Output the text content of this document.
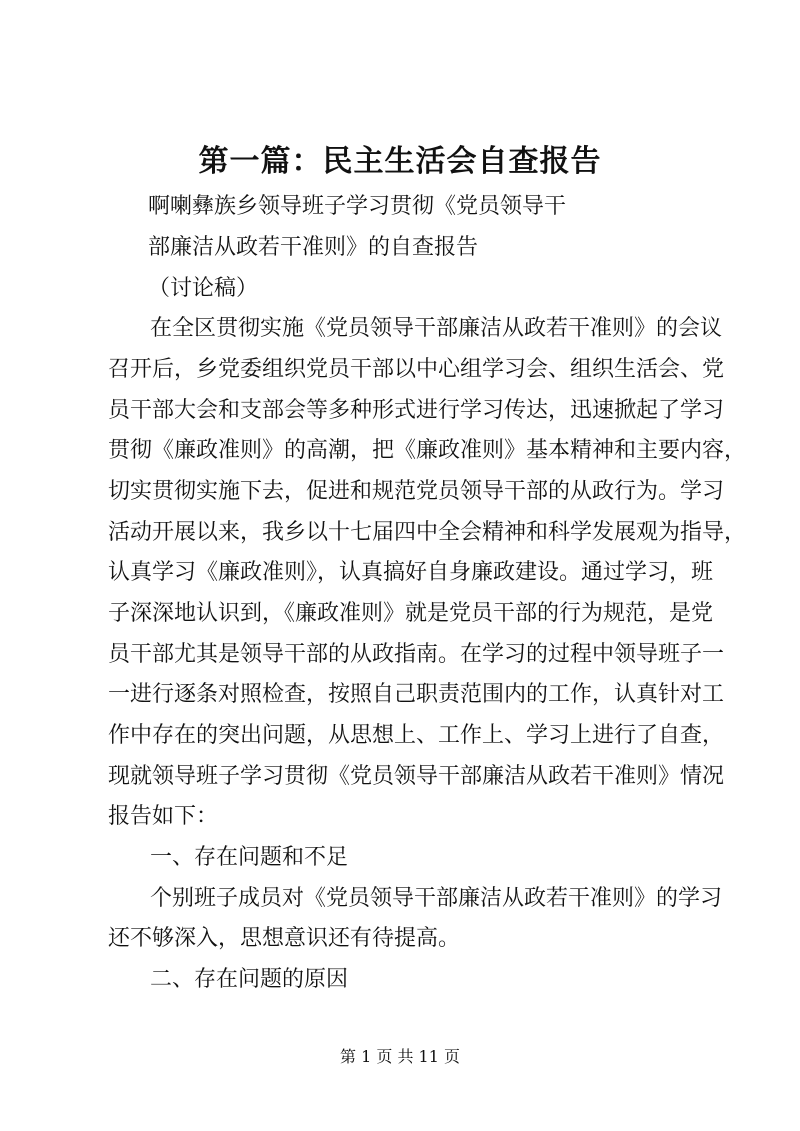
第一篇：民主生活会自查报告
啊喇彝族乡领导班子学习贯彻《党员领导干
部廉洁从政若干准则》的自查报告
（讨论稿）
在全区贯彻实施《党员领导干部廉洁从政若干准则》的会议
召开后，乡党委组织党员干部以中心组学习会、组织生活会、党
员干部大会和支部会等多种形式进行学习传达，迅速掀起了学习
贯彻《廉政准则》的高潮，把《廉政准则》基本精神和主要内容，
切实贯彻实施下去，促进和规范党员领导干部的从政行为。学习
活动开展以来，我乡以十七届四中全会精神和科学发展观为指导，
认真学习《廉政准则》，认真搞好自身廉政建设。通过学习，班
子深深地认识到，《廉政准则》就是党员干部的行为规范，是党
员干部尤其是领导干部的从政指南。在学习的过程中领导班子一
一进行逐条对照检查，按照自己职责范围内的工作，认真针对工
作中存在的突出问题，从思想上、工作上、学习上进行了自查，
现就领导班子学习贯彻《党员领导干部廉洁从政若干准则》情况
报告如下：
一、存在问题和不足
个别班子成员对《党员领导干部廉洁从政若干准则》的学习
还不够深入，思想意识还有待提高。
二、存在问题的原因
第 1 页 共 11 页
